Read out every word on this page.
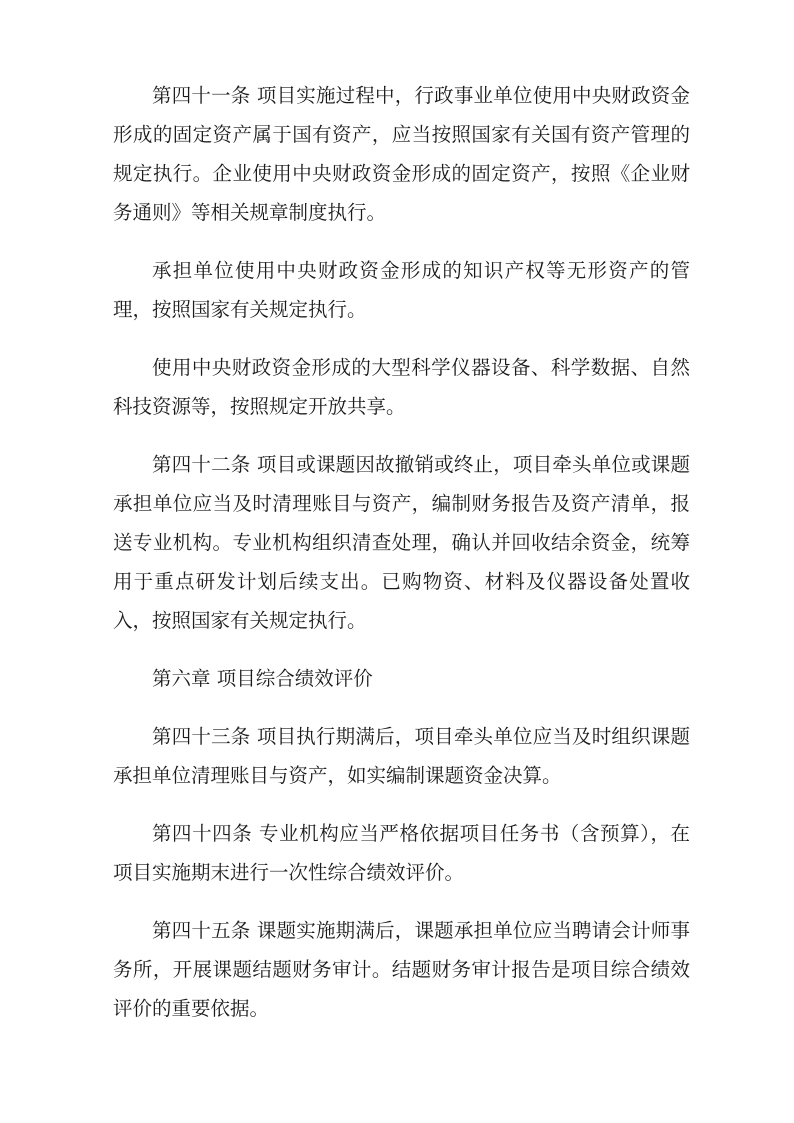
第四十一条 项目实施过程中，行政事业单位使用中央财政资金
形成的固定资产属于国有资产，应当按照国家有关国有资产管理的
规定执行。企业使用中央财政资金形成的固定资产，按照《企业财
务通则》等相关规章制度执行。
承担单位使用中央财政资金形成的知识产权等无形资产的管
理，按照国家有关规定执行。
使用中央财政资金形成的大型科学仪器设备、科学数据、自然
科技资源等，按照规定开放共享。
第四十二条 项目或课题因故撤销或终止，项目牵头单位或课题
承担单位应当及时清理账目与资产，编制财务报告及资产清单，报
送专业机构。专业机构组织清查处理，确认并回收结余资金，统筹
用于重点研发计划后续支出。已购物资、材料及仪器设备处置收
入，按照国家有关规定执行。
第六章 项目综合绩效评价
第四十三条 项目执行期满后，项目牵头单位应当及时组织课题
承担单位清理账目与资产，如实编制课题资金决算。
第四十四条 专业机构应当严格依据项目任务书（含预算），在
项目实施期末进行一次性综合绩效评价。
第四十五条 课题实施期满后，课题承担单位应当聘请会计师事
务所，开展课题结题财务审计。结题财务审计报告是项目综合绩效
评价的重要依据。
